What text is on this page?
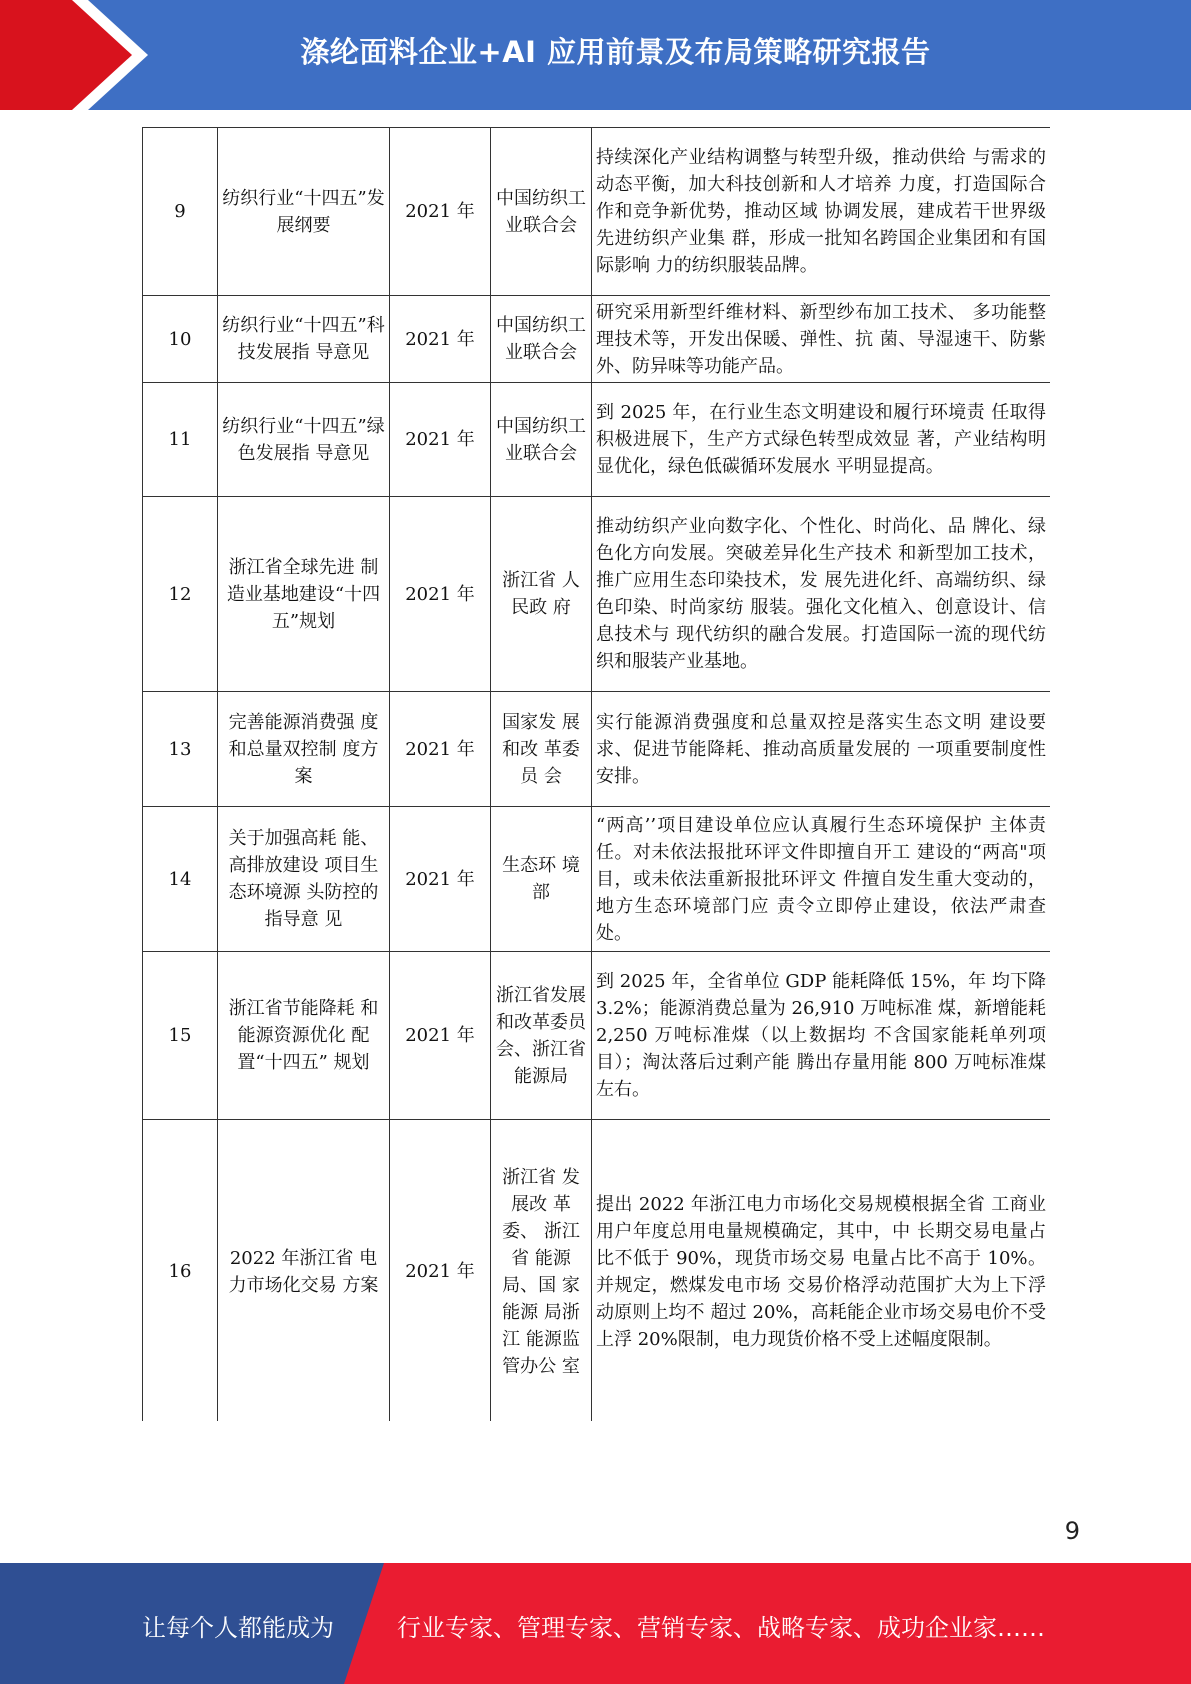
涤纶面料企业+AI 应用前景及布局策略研究报告
9	纺织行业“十四五”发展纲要	2021 年	中国纺织工业联合会	持续深化产业结构调整与转型升级，推动供给 与需求的动态平衡，加大科技创新和人才培养 力度，打造国际合作和竞争新优势，推动区域 协调发展，建成若干世界级先进纺织产业集 群，形成一批知名跨国企业集团和有国际影响 力的纺织服装品牌。
10	纺织行业“十四五”科技发展指 导意见	2021 年	中国纺织工业联合会	研究采用新型纤维材料、新型纱布加工技术、 多功能整理技术等，开发出保暖、弹性、抗 菌、导湿速干、防紫外、防异味等功能产品。
11	纺织行业“十四五”绿色发展指 导意见	2021 年	中国纺织工业联合会	到 2025 年，在行业生态文明建设和履行环境责 任取得积极进展下，生产方式绿色转型成效显 著，产业结构明显优化，绿色低碳循环发展水 平明显提高。
12	浙江省全球先进 制造业基地建设“十四五”规划	2021 年	浙江省 人民政 府	推动纺织产业向数字化、个性化、时尚化、品 牌化、绿色化方向发展。突破差异化生产技术 和新型加工技术，推广应用生态印染技术，发 展先进化纤、高端纺织、绿色印染、时尚家纺 服装。强化文化植入、创意设计、信息技术与 现代纺织的融合发展。打造国际一流的现代纺 织和服装产业基地。
13	完善能源消费强 度和总量双控制 度方案	2021 年	国家发 展和改 革委员 会	实行能源消费强度和总量双控是落实生态文明 建设要求、促进节能降耗、推动高质量发展的 一项重要制度性安排。
14	关于加强高耗 能、高排放建设 项目生态环境源 头防控的指导意 见	2021 年	生态环 境部	“两高’’项目建设单位应认真履行生态环境保护 主体责任。对未依法报批环评文件即擅自开工 建设的“两高"项目，或未依法重新报批环评文 件擅自发生重大变动的，地方生态环境部门应 责令立即停止建设，依法严肃查处。
15	浙江省节能降耗 和能源资源优化 配置“十四五” 规划	2021 年	浙江省发展和改革委员会、浙江省能源局	到 2025 年，全省单位 GDP 能耗降低 15%，年 均下降 3.2%；能源消费总量为 26,910 万吨标准 煤，新增能耗 2,250 万吨标准煤（以上数据均 不含国家能耗单列项目）；淘汰落后过剩产能 腾出存量用能 800 万吨标准煤左右。
16	2022 年浙江省 电力市场化交易 方案	2021 年	浙江省 发展改 革委、 浙江省 能源局、国 家能源 局浙江 能源监管办公 室	提出 2022 年浙江电力市场化交易规模根据全省 工商业用户年度总用电量规模确定，其中，中 长期交易电量占比不低于 90%，现货市场交易 电量占比不高于 10%。并规定，燃煤发电市场 交易价格浮动范围扩大为上下浮动原则上均不 超过 20%，高耗能企业市场交易电价不受上浮 20%限制，电力现货价格不受上述幅度限制。
9
让每个人都能成为	行业专家、管理专家、营销专家、战略专家、成功企业家……
